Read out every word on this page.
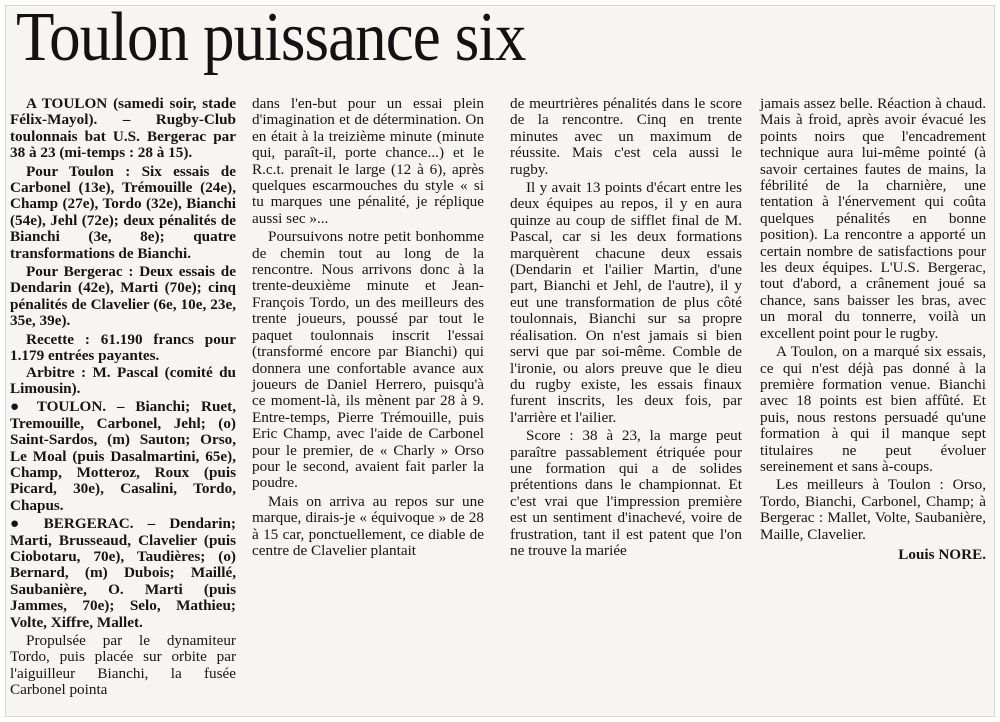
Toulon puissance six

A TOULON (samedi soir, stade Félix-Mayol). – Rugby-Club toulonnais bat U.S. Bergerac par 38 à 23 (mi-temps : 28 à 15).

Pour Toulon : Six essais de Carbonel (13e), Trémouille (24e), Champ (27e), Tordo (32e), Bianchi (54e), Jehl (72e); deux pénalités de Bianchi (3e, 8e); quatre transformations de Bianchi.

Pour Bergerac : Deux essais de Dendarin (42e), Marti (70e); cinq pénalités de Clavelier (6e, 10e, 23e, 35e, 39e).

Recette : 61.190 francs pour 1.179 entrées payantes.

Arbitre : M. Pascal (comité du Limousin).

● TOULON. – Bianchi; Ruet, Tremouille, Carbonel, Jehl; (o) Saint-Sardos, (m) Sauton; Orso, Le Moal (puis Dasalmartini, 65e), Champ, Motteroz, Roux (puis Picard, 30e), Casalini, Tordo, Chapus.

● BERGERAC. – Dendarin; Marti, Brusseaud, Clavelier (puis Ciobotaru, 70e), Taudières; (o) Bernard, (m) Dubois; Maillé, Saubanière, O. Marti (puis Jammes, 70e); Selo, Mathieu; Volte, Xiffre, Mallet.

Propulsée par le dynamiteur Tordo, puis placée sur orbite par l'aiguilleur Bianchi, la fusée Carbonel pointa

dans l'en-but pour un essai plein d'imagination et de détermination. On en était à la treizième minute (minute qui, paraît-il, porte chance...) et le R.c.t. prenait le large (12 à 6), après quelques escarmouches du style « si tu marques une pénalité, je réplique aussi sec »...

Poursuivons notre petit bonhomme de chemin tout au long de la rencontre. Nous arrivons donc à la trente-deuxième minute et Jean-François Tordo, un des meilleurs des trente joueurs, poussé par tout le paquet toulonnais inscrit l'essai (transformé encore par Bianchi) qui donnera une confortable avance aux joueurs de Daniel Herrero, puisqu'à ce moment-là, ils mènent par 28 à 9. Entre-temps, Pierre Trémouille, puis Eric Champ, avec l'aide de Carbonel pour le premier, de « Charly » Orso pour le second, avaient fait parler la poudre.

Mais on arriva au repos sur une marque, dirais-je « équivoque » de 28 à 15 car, ponctuellement, ce diable de centre de Clavelier plantait

de meurtrières pénalités dans le score de la rencontre. Cinq en trente minutes avec un maximum de réussite. Mais c'est cela aussi le rugby.

Il y avait 13 points d'écart entre les deux équipes au repos, il y en aura quinze au coup de sifflet final de M. Pascal, car si les deux formations marquèrent chacune deux essais (Dendarin et l'ailier Martin, d'une part, Bianchi et Jehl, de l'autre), il y eut une transformation de plus côté toulonnais, Bianchi sur sa propre réalisation. On n'est jamais si bien servi que par soi-même. Comble de l'ironie, ou alors preuve que le dieu du rugby existe, les essais finaux furent inscrits, les deux fois, par l'arrière et l'ailier.

Score : 38 à 23, la marge peut paraître passablement étriquée pour une formation qui a de solides prétentions dans le championnat. Et c'est vrai que l'impression première est un sentiment d'inachevé, voire de frustration, tant il est patent que l'on ne trouve la mariée

jamais assez belle. Réaction à chaud. Mais à froid, après avoir évacué les points noirs que l'encadrement technique aura lui-même pointé (à savoir certaines fautes de mains, la fébrilité de la charnière, une tentation à l'énervement qui coûta quelques pénalités en bonne position). La rencontre a apporté un certain nombre de satisfactions pour les deux équipes. L'U.S. Bergerac, tout d'abord, a crânement joué sa chance, sans baisser les bras, avec un moral du tonnerre, voilà un excellent point pour le rugby.

A Toulon, on a marqué six essais, ce qui n'est déjà pas donné à la première formation venue. Bianchi avec 18 points est bien affûté. Et puis, nous restons persuadé qu'une formation à qui il manque sept titulaires ne peut évoluer sereinement et sans à-coups.

Les meilleurs à Toulon : Orso, Tordo, Bianchi, Carbonel, Champ; à Bergerac : Mallet, Volte, Saubanière, Maille, Clavelier.

Louis NORE.
